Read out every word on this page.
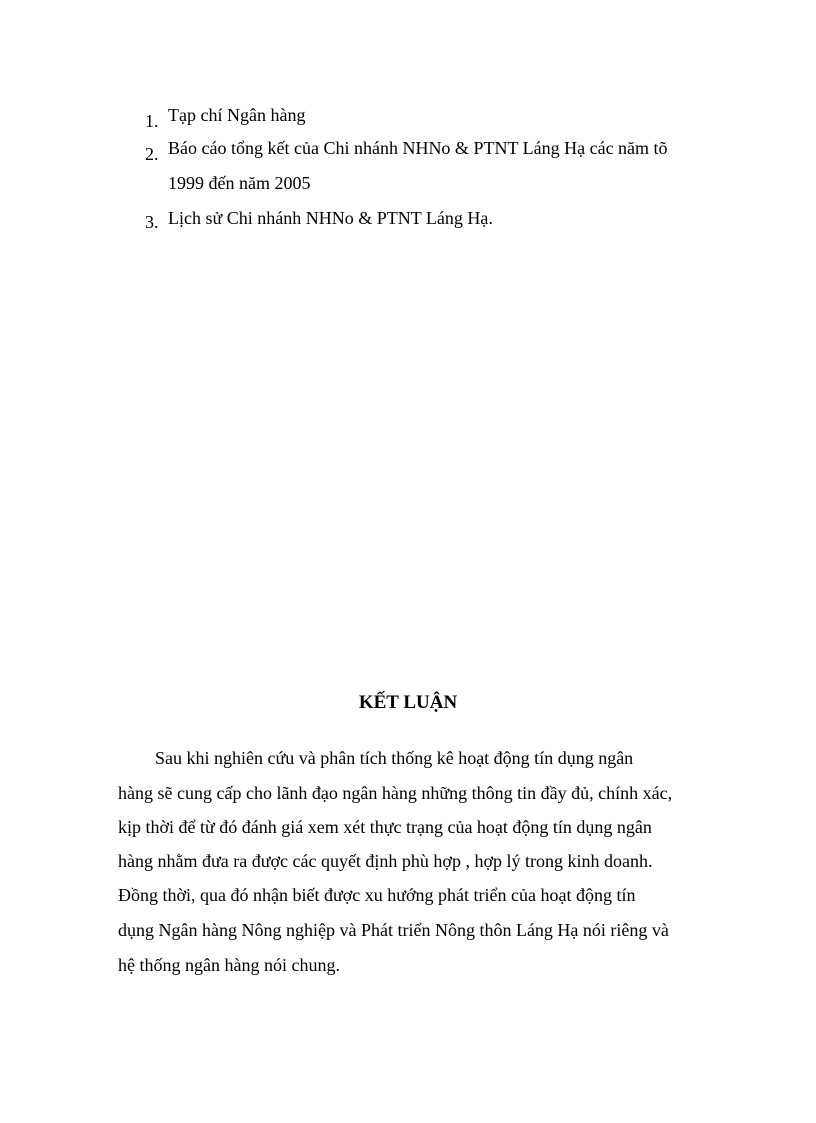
1. Tạp chí Ngân hàng
2. Báo cáo tổng kết của Chi nhánh NHNo & PTNT Láng Hạ các năm tõ
1999 đến năm 2005
3. Lịch sử Chi nhánh NHNo & PTNT Láng Hạ.
KẾT LUẬN
Sau khi nghiên cứu và phân tích thống kê hoạt động tín dụng ngân
hàng sẽ cung cấp cho lãnh đạo ngân hàng những thông tin đầy đủ, chính xác,
kịp thời để từ đó đánh giá xem xét thực trạng của hoạt động tín dụng ngân
hàng nhằm đưa ra được các quyết định phù hợp , hợp lý trong kinh doanh.
Đồng thời, qua đó nhận biết được xu hướng phát triển của hoạt động tín
dụng Ngân hàng Nông nghiệp và Phát triển Nông thôn Láng Hạ nói riêng và
hệ thống ngân hàng nói chung.
